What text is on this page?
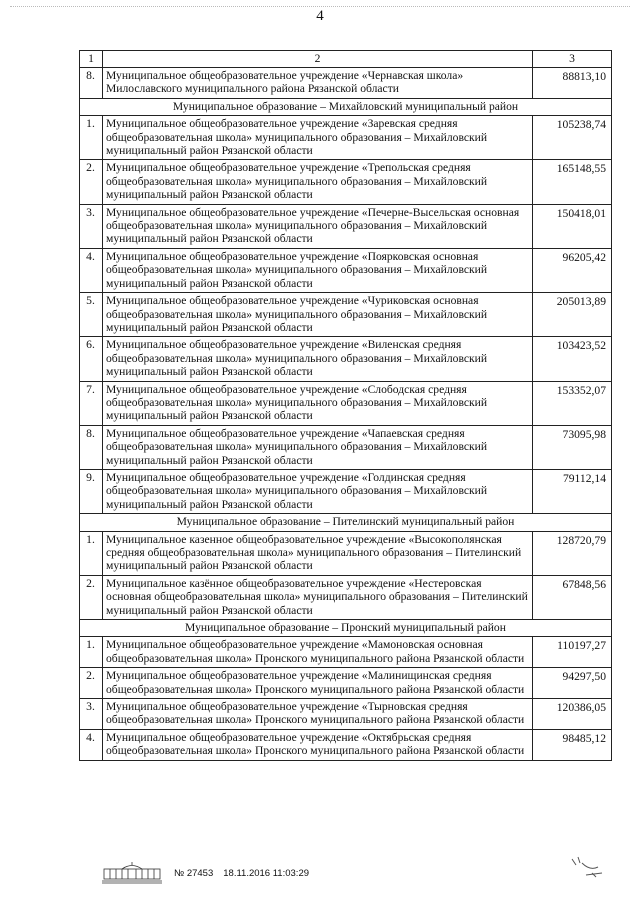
4
1	2	3
8.	Муниципальное общеобразовательное учреждение «Чернавская школа» Милославского муниципального района Рязанской области	88813,10
Муниципальное образование – Михайловский муниципальный район		
1.	Муниципальное общеобразовательное учреждение «Заревская средняя общеобразовательная школа» муниципального образования – Михайловский муниципальный район Рязанской области	105238,74
2.	Муниципальное общеобразовательное учреждение «Трепольская средняя общеобразовательная школа» муниципального образования – Михайловский муниципальный район Рязанской области	165148,55
3.	Муниципальное общеобразовательное учреждение «Печерне-Высельская основная общеобразовательная школа» муниципального образования – Михайловский муниципальный район Рязанской области	150418,01
4.	Муниципальное общеобразовательное учреждение «Поярковская основная общеобразовательная школа» муниципального образования – Михайловский муниципальный район Рязанской области	96205,42
5.	Муниципальное общеобразовательное учреждение «Чуриковская основная общеобразовательная школа» муниципального образования – Михайловский муниципальный район Рязанской области	205013,89
6.	Муниципальное общеобразовательное учреждение «Виленская средняя общеобразовательная школа» муниципального образования – Михайловский муниципальный район Рязанской области	103423,52
7.	Муниципальное общеобразовательное учреждение «Слободская средняя общеобразовательная школа» муниципального образования – Михайловский муниципальный район Рязанской области	153352,07
8.	Муниципальное общеобразовательное учреждение «Чапаевская средняя общеобразовательная школа» муниципального образования – Михайловский муниципальный район Рязанской области	73095,98
9.	Муниципальное общеобразовательное учреждение «Голдинская средняя общеобразовательная школа» муниципального образования – Михайловский муниципальный район Рязанской области	79112,14
Муниципальное образование – Пителинский муниципальный район		
1.	Муниципальное казенное общеобразовательное учреждение «Высокополянская средняя общеобразовательная школа» муниципального образования – Пителинский муниципальный район Рязанской области	128720,79
2.	Муниципальное казённое общеобразовательное учреждение «Нестеровская основная общеобразовательная школа» муниципального образования – Пителинский муниципальный район Рязанской области	67848,56
Муниципальное образование – Пронский муниципальный район		
1.	Муниципальное общеобразовательное учреждение «Мамоновская основная общеобразовательная школа» Пронского муниципального района Рязанской области	110197,27
2.	Муниципальное общеобразовательное учреждение «Малинищинская средняя общеобразовательная школа» Пронского муниципального района Рязанской области	94297,50
3.	Муниципальное общеобразовательное учреждение «Тырновская средняя общеобразовательная школа» Пронского муниципального района Рязанской области	120386,05
4.	Муниципальное общеобразовательное учреждение «Октябрьская средняя общеобразовательная школа» Пронского муниципального района Рязанской области	98485,12
№ 27453 18.11.2016 11:03:29
